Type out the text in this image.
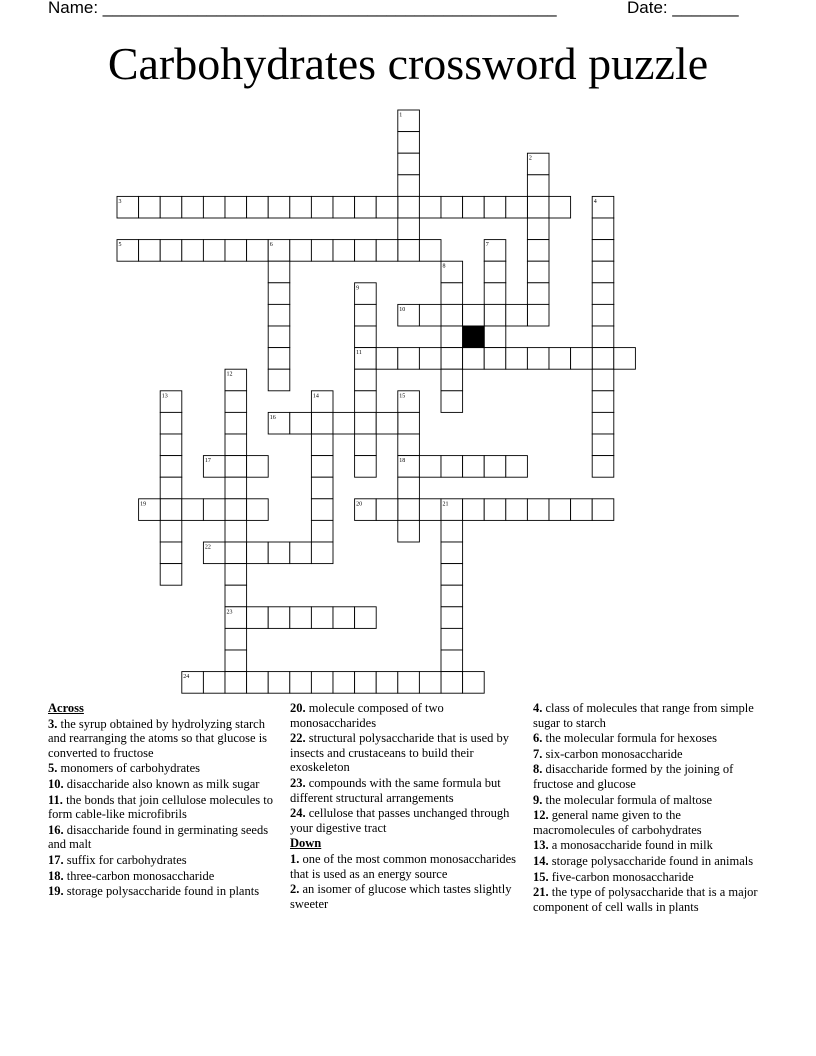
Name: ________________________________________________	Date: _______
Carbohydrates crossword puzzle
1
2
3	4
5	6	7
8
9
10
11
12
13	14	15
16
17	18
19	20	21
22
23
24
Across
3. the syrup obtained by hydrolyzing starch and rearranging the atoms so that glucose is converted to fructose
5. monomers of carbohydrates
10. disaccharide also known as milk sugar
11. the bonds that join cellulose molecules to form cable-like microfibrils
16. disaccharide found in germinating seeds and malt
17. suffix for carbohydrates
18. three-carbon monosaccharide
19. storage polysaccharide found in plants
20. molecule composed of two monosaccharides
22. structural polysaccharide that is used by insects and crustaceans to build their exoskeleton
23. compounds with the same formula but different structural arrangements
24. cellulose that passes unchanged through your digestive tract
Down
1. one of the most common monosaccharides that is used as an energy source
2. an isomer of glucose which tastes slightly sweeter
4. class of molecules that range from simple sugar to starch
6. the molecular formula for hexoses
7. six-carbon monosaccharide
8. disaccharide formed by the joining of fructose and glucose
9. the molecular formula of maltose
12. general name given to the macromolecules of carbohydrates
13. a monosaccharide found in milk
14. storage polysaccharide found in animals
15. five-carbon monosaccharide
21. the type of polysaccharide that is a major component of cell walls in plants
